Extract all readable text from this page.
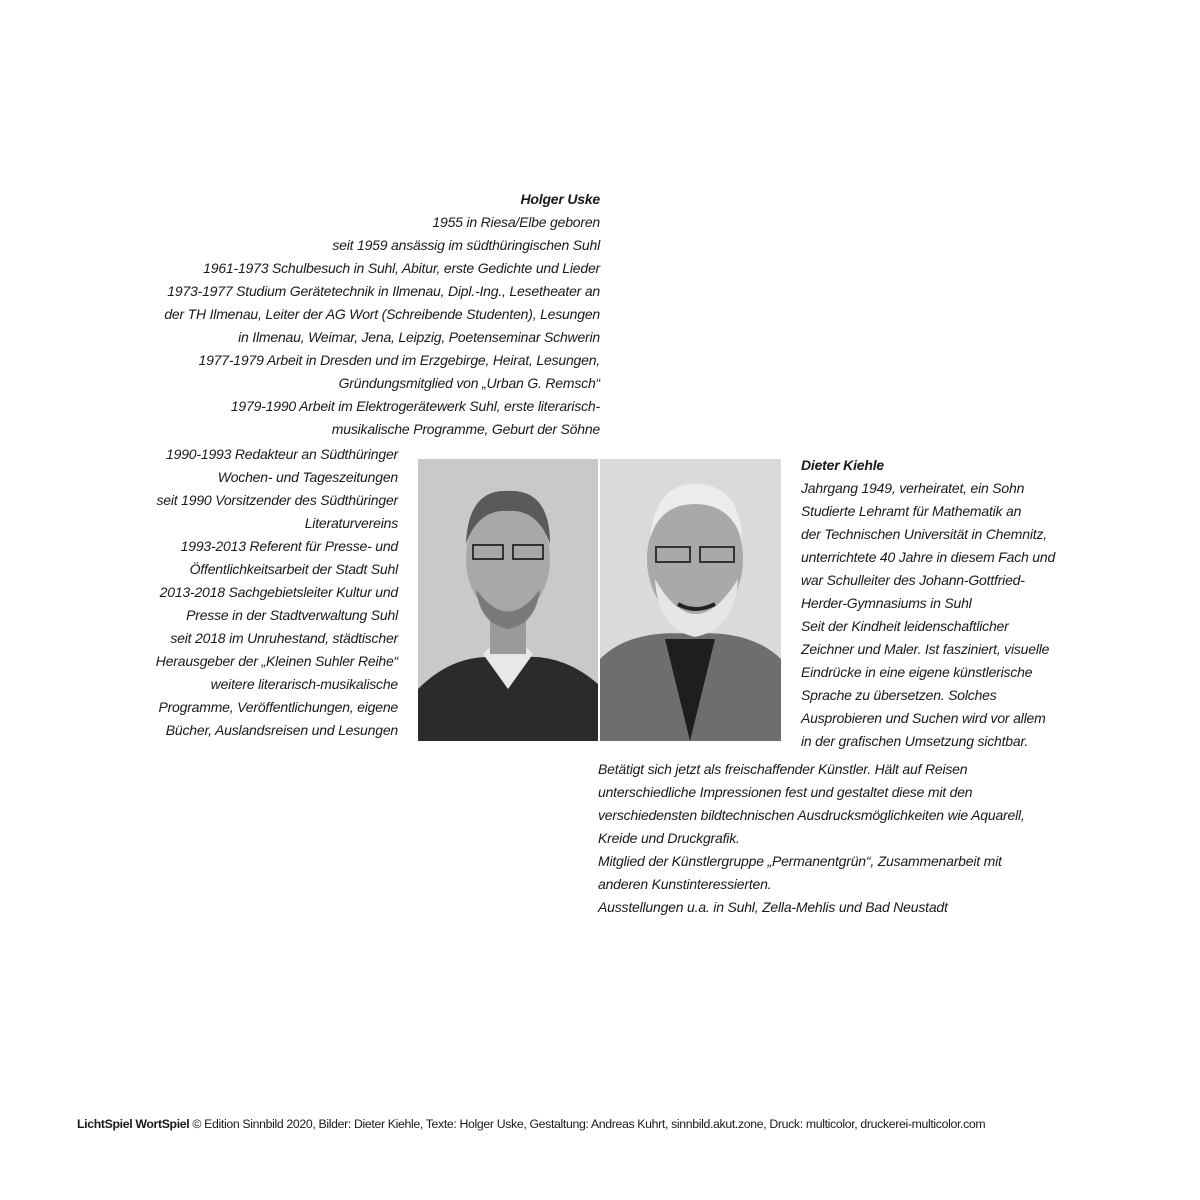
Holger Uske
1955 in Riesa/Elbe geboren
seit 1959 ansässig im südthüringischen Suhl
1961-1973 Schulbesuch in Suhl, Abitur, erste Gedichte und Lieder
1973-1977 Studium Gerätetechnik in Ilmenau, Dipl.-Ing., Lesetheater an
der TH Ilmenau, Leiter der AG Wort (Schreibende Studenten), Lesungen
in Ilmenau, Weimar, Jena, Leipzig, Poetenseminar Schwerin
1977-1979 Arbeit in Dresden und im Erzgebirge, Heirat, Lesungen,
Gründungsmitglied von „Urban G. Remsch“
1979-1990 Arbeit im Elektrogerätewerk Suhl, erste literarisch-
musikalische Programme, Geburt der Söhne
1990-1993 Redakteur an Südthüringer
Wochen- und Tageszeitungen
seit 1990 Vorsitzender des Südthüringer
Literaturvereins
1993-2013 Referent für Presse- und
Öffentlichkeitsarbeit der Stadt Suhl
2013-2018 Sachgebietsleiter Kultur und
Presse in der Stadtverwaltung Suhl
seit 2018 im Unruhestand, städtischer
Herausgeber der „Kleinen Suhler Reihe“
weitere literarisch-musikalische
Programme, Veröffentlichungen, eigene
Bücher, Auslandsreisen und Lesungen
Dieter Kiehle
Jahrgang 1949, verheiratet, ein Sohn
Studierte Lehramt für Mathematik an
der Technischen Universität in Chemnitz,
unterrichtete 40 Jahre in diesem Fach und
war Schulleiter des Johann-Gottfried-
Herder-Gymnasiums in Suhl
Seit der Kindheit leidenschaftlicher
Zeichner und Maler. Ist fasziniert, visuelle
Eindrücke in eine eigene künstlerische
Sprache zu übersetzen. Solches
Ausprobieren und Suchen wird vor allem
in der grafischen Umsetzung sichtbar.
Betätigt sich jetzt als freischaffender Künstler. Hält auf Reisen
unterschiedliche Impressionen fest und gestaltet diese mit den
verschiedensten bildtechnischen Ausdrucksmöglichkeiten wie Aquarell,
Kreide und Druckgrafik.
Mitglied der Künstlergruppe „Permanentgrün“, Zusammenarbeit mit
anderen Kunstinteressierten.
Ausstellungen u.a. in Suhl, Zella-Mehlis und Bad Neustadt
LichtSpiel WortSpiel © Edition Sinnbild 2020, Bilder: Dieter Kiehle, Texte: Holger Uske, Gestaltung: Andreas Kuhrt, sinnbild.akut.zone, Druck: multicolor, druckerei-multicolor.com
